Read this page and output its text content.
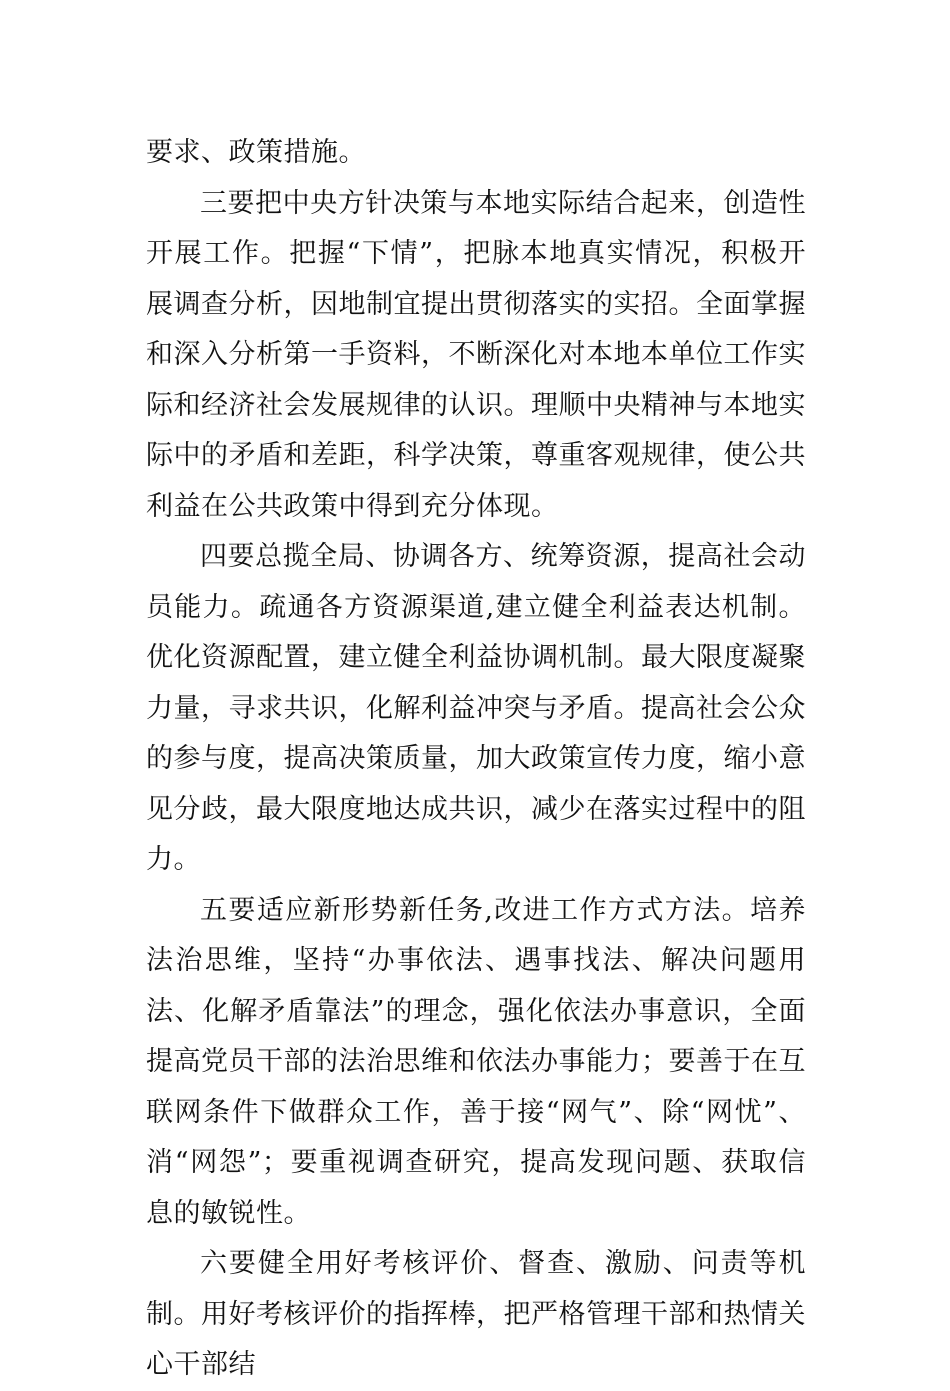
要求、政策措施。

三要把中央方针决策与本地实际结合起来，创造性开展工作。把握“下情”，把脉本地真实情况，积极开展调查分析，因地制宜提出贯彻落实的实招。全面掌握和深入分析第一手资料，不断深化对本地本单位工作实际和经济社会发展规律的认识。理顺中央精神与本地实际中的矛盾和差距，科学决策，尊重客观规律，使公共利益在公共政策中得到充分体现。

四要总揽全局、协调各方、统筹资源，提高社会动员能力。疏通各方资源渠道,建立健全利益表达机制。优化资源配置，建立健全利益协调机制。最大限度凝聚力量，寻求共识，化解利益冲突与矛盾。提高社会公众的参与度，提高决策质量，加大政策宣传力度，缩小意见分歧，最大限度地达成共识，减少在落实过程中的阻力。

五要适应新形势新任务,改进工作方式方法。培养法治思维，坚持“办事依法、遇事找法、解决问题用法、化解矛盾靠法”的理念，强化依法办事意识，全面提高党员干部的法治思维和依法办事能力；要善于在互联网条件下做群众工作，善于接“网气”、除“网忧”、消“网怨”；要重视调查研究，提高发现问题、获取信息的敏锐性。

六要健全用好考核评价、督查、激励、问责等机制。用好考核评价的指挥棒，把严格管理干部和热情关心干部结
